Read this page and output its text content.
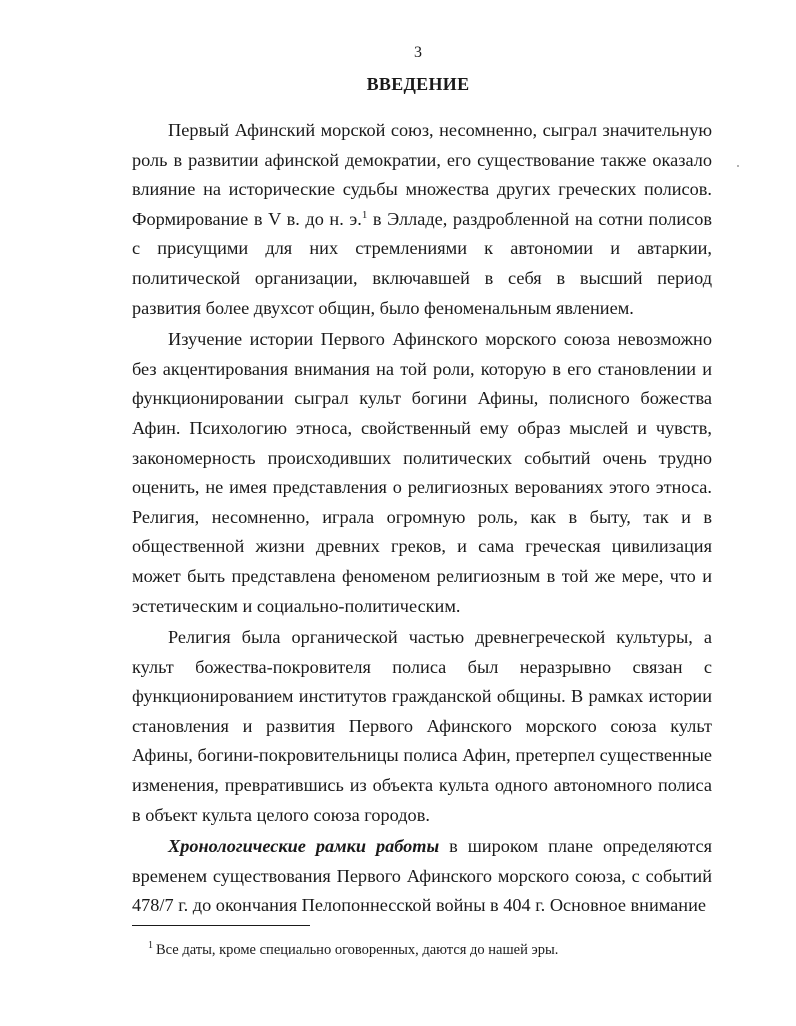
3
ВВЕДЕНИЕ

Первый Афинский морской союз, несомненно, сыграл значительную роль в развитии афинской демократии, его существование также оказало влияние на исторические судьбы множества других греческих полисов. Формирование в V в. до н. э.$^1$ в Элладе, раздробленной на сотни полисов с присущими для них стремлениями к автономии и автаркии, политической организации, включавшей в себя в высший период развития более двухсот общин, было феноменальным явлением.

Изучение истории Первого Афинского морского союза невозможно без акцентирования внимания на той роли, которую в его становлении и функционировании сыграл культ богини Афины, полисного божества Афин. Психологию этноса, свойственный ему образ мыслей и чувств, закономерность происходивших политических событий очень трудно оценить, не имея представления о религиозных верованиях этого этноса. Религия, несомненно, играла огромную роль, как в быту, так и в общественной жизни древних греков, и сама греческая цивилизация может быть представлена феноменом религиозным в той же мере, что и эстетическим и социально-политическим.

Религия была органической частью древнегреческой культуры, а культ божества-покровителя полиса был неразрывно связан с функционированием институтов гражданской общины. В рамках истории становления и развития Первого Афинского морского союза культ Афины, богини-покровительницы полиса Афин, претерпел существенные изменения, превратившись из объекта культа одного автономного полиса в объект культа целого союза городов.

Хронологические рамки работы в широком плане определяются временем существования Первого Афинского морского союза, с событий 478/7 г. до окончания Пелопоннесской войны в 404 г. Основное внимание

$^1$ Все даты, кроме специально оговоренных, даются до нашей эры.
